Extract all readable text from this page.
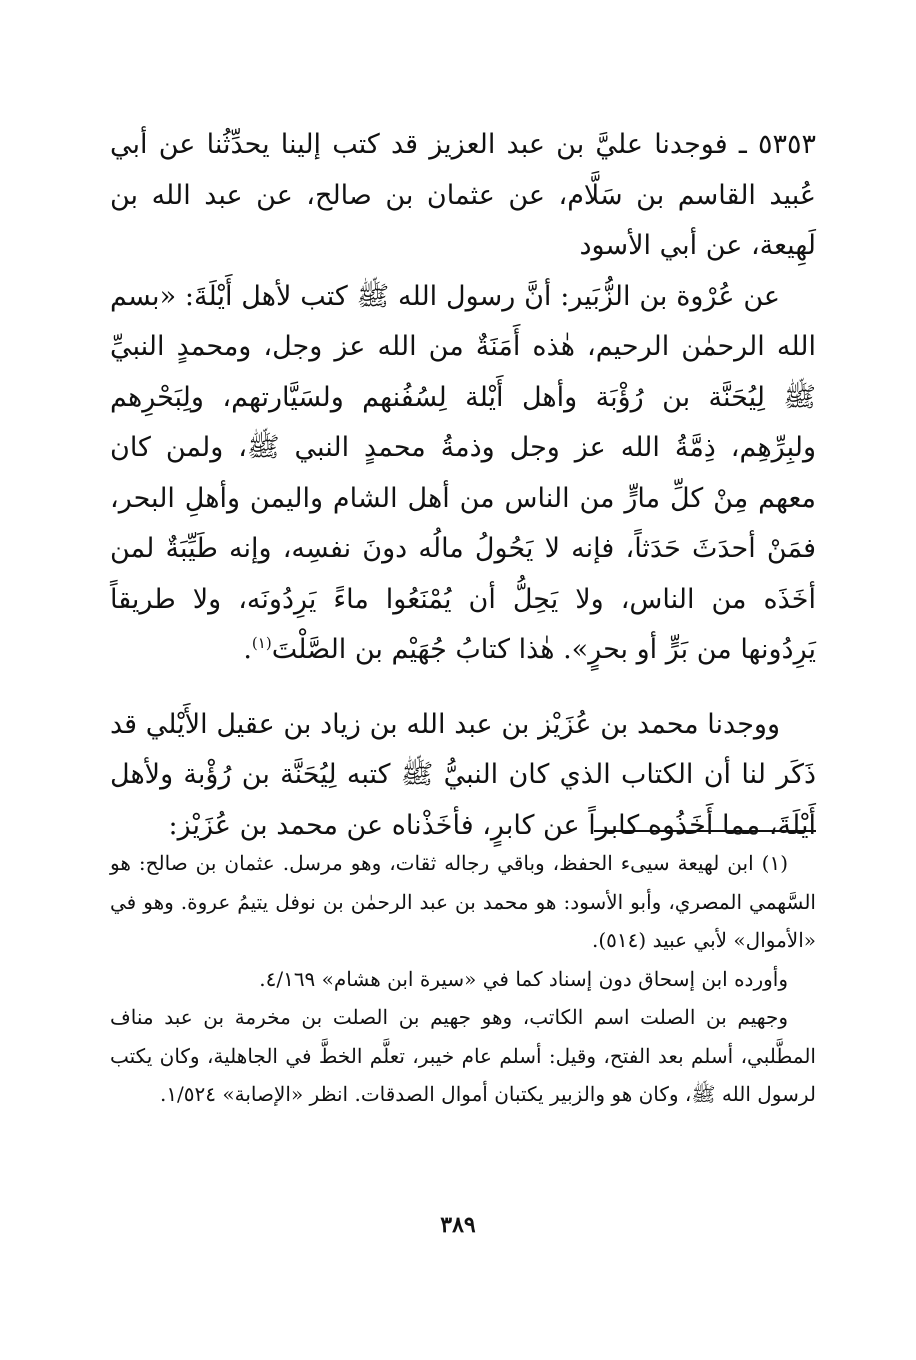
٥٣٥٣ ـ فوجدنا عليَّ بن عبد العزيز قد كتب إلينا يحدِّثُنا عن أبي عُبيد القاسم بن سَلَّام، عن عثمان بن صالح، عن عبد الله بن لَهِيعة، عن أبي الأسود

عن عُرْوة بن الزُّبَير: أنَّ رسول الله ﷺ كتب لأهل أَيْلَةَ: «بسم الله الرحمٰن الرحيم، هٰذه أَمَنَةٌ من الله عز وجل، ومحمدٍ النبيِّ ﷺ لِيُحَنَّة بن رُؤْبَة وأهل أَيْلة لِسُفُنهم ولسَيَّارتهم، ولِبَحْرِهم ولبِرِّهِم، ذِمَّةُ الله عز وجل وذمةُ محمدٍ النبي ﷺ، ولمن كان معهم مِنْ كلِّ مارٍّ من الناس من أهل الشام واليمن وأهلِ البحر، فمَنْ أحدَثَ حَدَثاً، فإنه لا يَحُولُ مالُه دونَ نفسِه، وإنه طَيِّبَةٌ لمن أخَذَه من الناس، ولا يَحِلُّ أن يُمْنَعُوا ماءً يَرِدُونَه، ولا طريقاً يَرِدُونها من بَرٍّ أو بحرٍ». هٰذا كتابُ جُهَيْم بن الصَّلْتَ$^{(١)}$.

ووجدنا محمد بن عُزَيْز بن عبد الله بن زياد بن عقيل الأَيْلي قد ذَكَر لنا أن الكتاب الذي كان النبيُّ ﷺ كتبه لِيُحَنَّة بن رُؤْبة ولأهل أَيْلَةَ، مما أَخَذُوه كابراً عن كابرٍ، فأخَذْناه عن محمد بن عُزَيْز:

(١) ابن لهيعة سيىء الحفظ، وباقي رجاله ثقات، وهو مرسل. عثمان بن صالح: هو السَّهمي المصري، وأبو الأسود: هو محمد بن عبد الرحمٰن بن نوفل يتيمُ عروة. وهو في «الأموال» لأبي عبيد (٥١٤).

وأورده ابن إسحاق دون إسناد كما في «سيرة ابن هشام» ٤/١٦٩.

وجهيم بن الصلت اسم الكاتب، وهو جهيم بن الصلت بن مخرمة بن عبد مناف المطَّلبي، أسلم بعد الفتح، وقيل: أسلم عام خيبر، تعلَّم الخطَّ في الجاهلية، وكان يكتب لرسول الله ﷺ، وكان هو والزبير يكتبان أموال الصدقات. انظر «الإصابة» ١/٥٢٤.

٣٨٩
